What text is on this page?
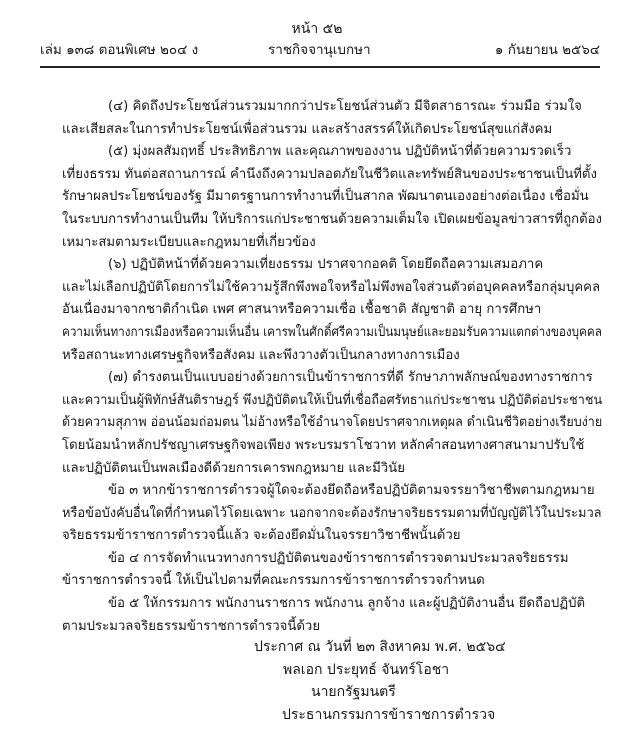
หน้า ๕๒
เล่ม ๑๓๘ ตอนพิเศษ ๒๐๔ ง	ราชกิจจานุเบกษา	๑ กันยายน ๒๕๖๔

(๔) คิดถึงประโยชน์ส่วนรวมมากกว่าประโยชน์ส่วนตัว มีจิตสาธารณะ ร่วมมือ ร่วมใจ

และเสียสละในการทำประโยชน์เพื่อส่วนรวม และสร้างสรรค์ให้เกิดประโยชน์สุขแก่สังคม

(๕) มุ่งผลสัมฤทธิ์ ประสิทธิภาพ และคุณภาพของงาน ปฏิบัติหน้าที่ด้วยความรวดเร็ว

เที่ยงธรรม ทันต่อสถานการณ์ คำนึงถึงความปลอดภัยในชีวิตและทรัพย์สินของประชาชนเป็นที่ตั้ง

รักษาผลประโยชน์ของรัฐ มีมาตรฐานการทำงานที่เป็นสากล พัฒนาตนเองอย่างต่อเนื่อง เชื่อมั่น

ในระบบการทำงานเป็นทีม ให้บริการแก่ประชาชนด้วยความเต็มใจ เปิดเผยข้อมูลข่าวสารที่ถูกต้อง

เหมาะสมตามระเบียบและกฎหมายที่เกี่ยวข้อง

(๖) ปฏิบัติหน้าที่ด้วยความเที่ยงธรรม ปราศจากอคติ โดยยึดถือความเสมอภาค

และไม่เลือกปฏิบัติโดยการไม่ใช้ความรู้สึกพึงพอใจหรือไม่พึงพอใจส่วนตัวต่อบุคคลหรือกลุ่มบุคคล

อันเนื่องมาจากชาติกำเนิด เพศ ศาสนาหรือความเชื่อ เชื้อชาติ สัญชาติ อายุ การศึกษา

ความเห็นทางการเมืองหรือความเห็นอื่น เคารพในศักดิ์ศรีความเป็นมนุษย์และยอมรับความแตกต่างของบุคคล

หรือสถานะทางเศรษฐกิจหรือสังคม และพึงวางตัวเป็นกลางทางการเมือง

(๗) ดำรงตนเป็นแบบอย่างด้วยการเป็นข้าราชการที่ดี รักษาภาพลักษณ์ของทางราชการ

และความเป็นผู้พิทักษ์สันติราษฎร์ พึงปฏิบัติตนให้เป็นที่เชื่อถือศรัทธาแก่ประชาชน ปฏิบัติต่อประชาชน

ด้วยความสุภาพ อ่อนน้อมถ่อมตน ไม่อ้างหรือใช้อำนาจโดยปราศจากเหตุผล ดำเนินชีวิตอย่างเรียบง่าย

โดยน้อมนำหลักปรัชญาเศรษฐกิจพอเพียง พระบรมราโชวาท หลักคำสอนทางศาสนามาปรับใช้

และปฏิบัติตนเป็นพลเมืองดีด้วยการเคารพกฎหมาย และมีวินัย

ข้อ ๓ หากข้าราชการตำรวจผู้ใดจะต้องยึดถือหรือปฏิบัติตามจรรยาวิชาชีพตามกฎหมาย

หรือข้อบังคับอื่นใดที่กำหนดไว้โดยเฉพาะ นอกจากจะต้องรักษาจริยธรรมตามที่บัญญัติไว้ในประมวล

จริยธรรมข้าราชการตำรวจนี้แล้ว จะต้องยึดมั่นในจรรยาวิชาชีพนั้นด้วย

ข้อ ๔ การจัดทำแนวทางการปฏิบัติตนของข้าราชการตำรวจตามประมวลจริยธรรม

ข้าราชการตำรวจนี้ ให้เป็นไปตามที่คณะกรรมการข้าราชการตำรวจกำหนด

ข้อ ๕ ให้กรรมการ พนักงานราชการ พนักงาน ลูกจ้าง และผู้ปฏิบัติงานอื่น ยึดถือปฏิบัติ

ตามประมวลจริยธรรมข้าราชการตำรวจนี้ด้วย

ประกาศ ณ วันที่ ๒๓ สิงหาคม พ.ศ. ๒๕๖๔
พลเอก ประยุทธ์ จันทร์โอชา
นายกรัฐมนตรี
ประธานกรรมการข้าราชการตำรวจ
